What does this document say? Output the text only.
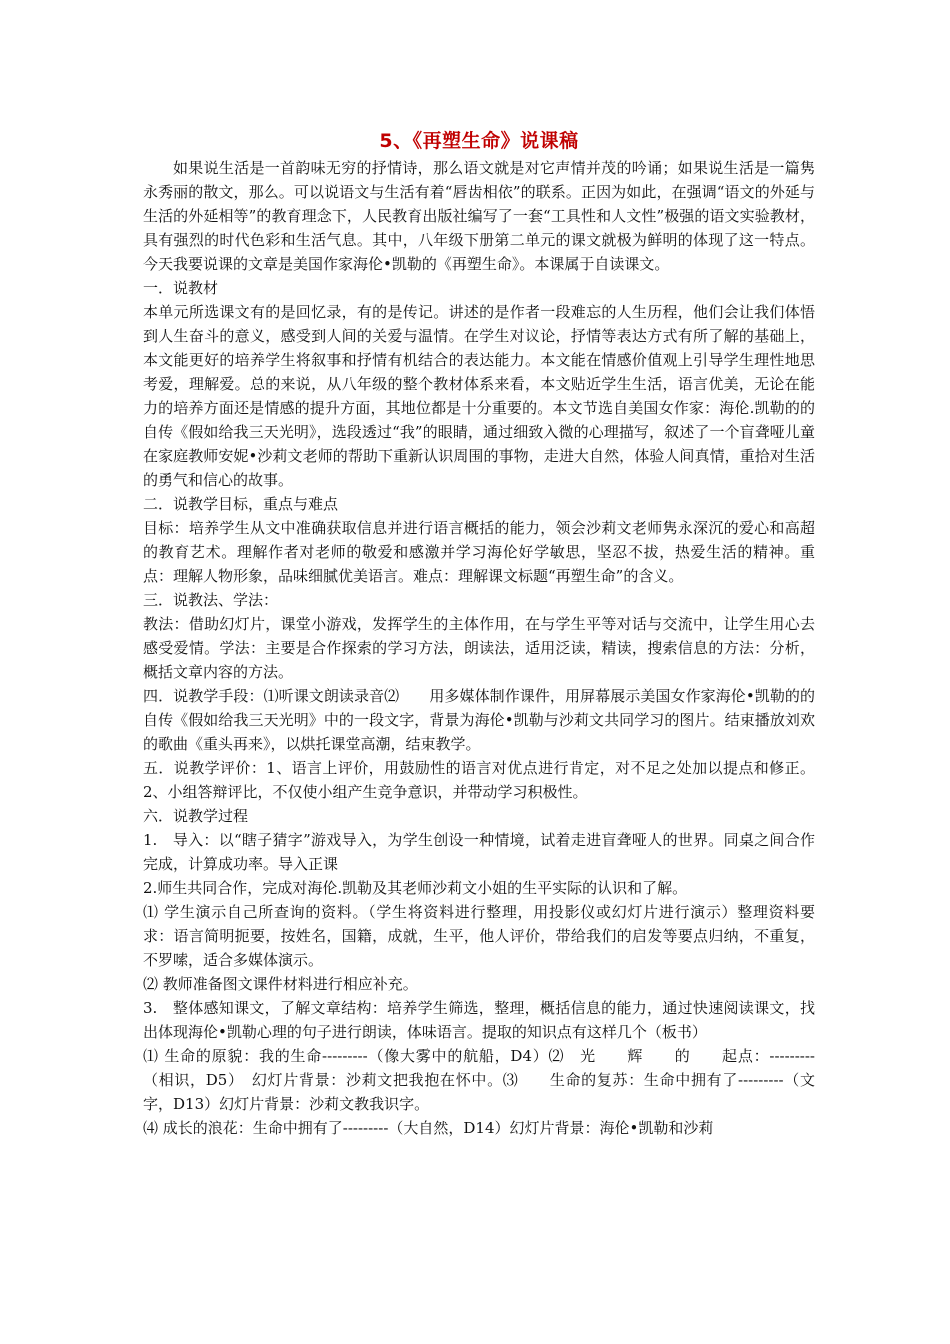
5、《再塑生命》说课稿

如果说生活是一首韵味无穷的抒情诗，那么语文就是对它声情并茂的吟诵；如果说生活是一篇隽永秀丽的散文，那么。可以说语文与生活有着“唇齿相依”的联系。正因为如此，在强调“语文的外延与生活的外延相等”的教育理念下，人民教育出版社编写了一套“工具性和人文性”极强的语文实验教材，具有强烈的时代色彩和生活气息。其中，八年级下册第二单元的课文就极为鲜明的体现了这一特点。今天我要说课的文章是美国作家海伦•凯勒的《再塑生命》。本课属于自读课文。

一．说教材

本单元所选课文有的是回忆录，有的是传记。讲述的是作者一段难忘的人生历程，他们会让我们体悟到人生奋斗的意义，感受到人间的关爱与温情。在学生对议论，抒情等表达方式有所了解的基础上，本文能更好的培养学生将叙事和抒情有机结合的表达能力。本文能在情感价值观上引导学生理性地思考爱，理解爱。总的来说，从八年级的整个教材体系来看，本文贴近学生生活，语言优美，无论在能力的培养方面还是情感的提升方面，其地位都是十分重要的。本文节选自美国女作家：海伦.凯勒的的自传《假如给我三天光明》，选段透过“我”的眼睛，通过细致入微的心理描写，叙述了一个盲聋哑儿童在家庭教师安妮•沙莉文老师的帮助下重新认识周围的事物，走进大自然，体验人间真情，重拾对生活的勇气和信心的故事。

二．说教学目标，重点与难点

目标：培养学生从文中准确获取信息并进行语言概括的能力，领会沙莉文老师隽永深沉的爱心和高超的教育艺术。理解作者对老师的敬爱和感激并学习海伦好学敏思，坚忍不拔，热爱生活的精神。重点：理解人物形象，品味细腻优美语言。难点：理解课文标题“再塑生命”的含义。

三．说教法、学法：

教法：借助幻灯片，课堂小游戏，发挥学生的主体作用，在与学生平等对话与交流中，让学生用心去感受爱情。学法：主要是合作探索的学习方法，朗读法，适用泛读，精读，搜索信息的方法：分析，概括文章内容的方法。

四．说教学手段：⑴听课文朗读录音⑵　　用多媒体制作课件，用屏幕展示美国女作家海伦•凯勒的的自传《假如给我三天光明》中的一段文字，背景为海伦•凯勒与沙莉文共同学习的图片。结束播放刘欢的歌曲《重头再来》，以烘托课堂高潮，结束教学。

五．说教学评价：1、语言上评价，用鼓励性的语言对优点进行肯定，对不足之处加以提点和修正。2、小组答辩评比，不仅使小组产生竞争意识，并带动学习积极性。

六．说教学过程

1.　导入：以“瞎子猜字”游戏导入，为学生创设一种情境，试着走进盲聋哑人的世界。同桌之间合作完成，计算成功率。导入正课

2.师生共同合作，完成对海伦.凯勒及其老师沙莉文小姐的生平实际的认识和了解。

⑴ 学生演示自己所查询的资料。（学生将资料进行整理，用投影仪或幻灯片进行演示）整理资料要求：语言简明扼要，按姓名，国籍，成就，生平，他人评价，带给我们的启发等要点归纳，不重复，不罗嗦，适合多媒体演示。

⑵ 教师准备图文课件材料进行相应补充。

3.　整体感知课文，了解文章结构：培养学生筛选，整理，概括信息的能力，通过快速阅读课文，找出体现海伦•凯勒心理的句子进行朗读，体味语言。提取的知识点有这样几个（板书）

⑴ 生命的原貌：我的生命---------（像大雾中的航船，D4）⑵　光　　辉　　的　　起点：---------（相识，D5）　幻灯片背景：沙莉文把我抱在怀中。⑶　　生命的复苏：生命中拥有了---------（文字，D13）幻灯片背景：沙莉文教我识字。

⑷ 成长的浪花：生命中拥有了---------（大自然，D14）幻灯片背景：海伦•凯勒和沙莉
